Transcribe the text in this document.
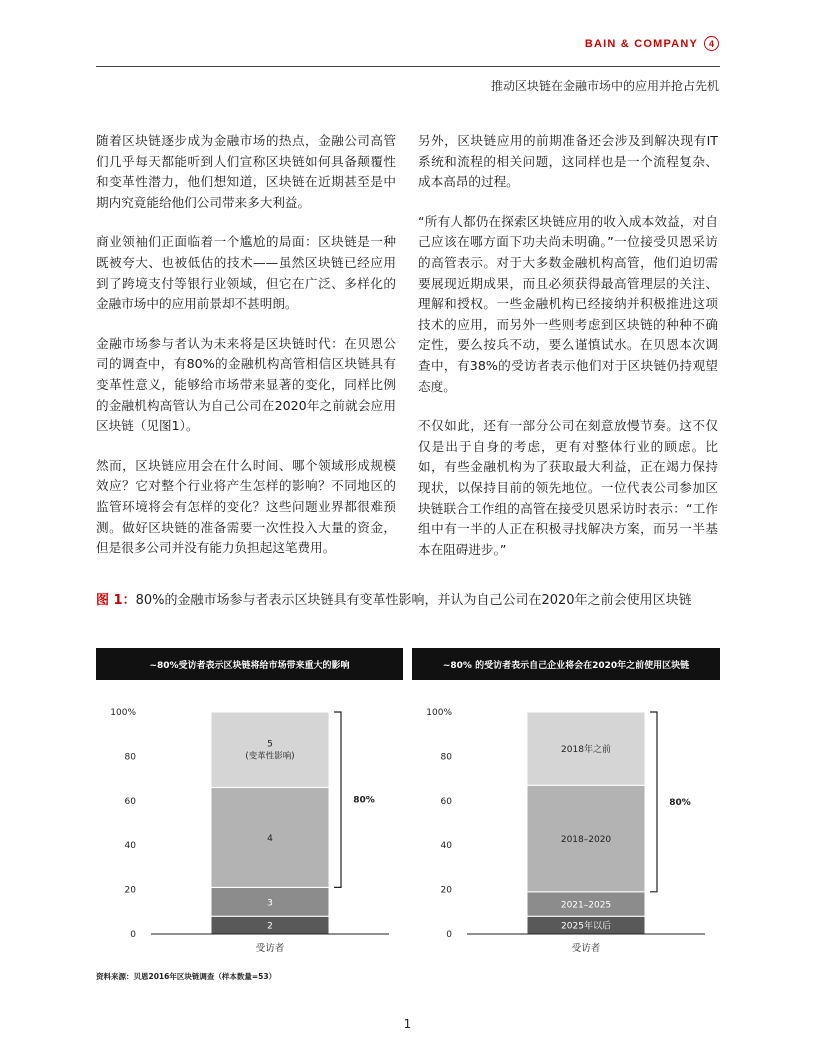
BAIN & COMPANY	4
推动区块链在金融市场中的应用并抢占先机

随着区块链逐步成为金融市场的热点，金融公司高管们几乎每天都能听到人们宣称区块链如何具备颠覆性和变革性潜力，他们想知道，区块链在近期甚至是中期内究竟能给他们公司带来多大利益。

商业领袖们正面临着一个尴尬的局面：区块链是一种既被夸大、也被低估的技术——虽然区块链已经应用到了跨境支付等银行业领域，但它在广泛、多样化的金融市场中的应用前景却不甚明朗。

金融市场参与者认为未来将是区块链时代：在贝恩公司的调查中，有80%的金融机构高管相信区块链具有变革性意义，能够给市场带来显著的变化，同样比例的金融机构高管认为自己公司在2020年之前就会应用区块链（见图1）。

然而，区块链应用会在什么时间、哪个领域形成规模效应？它对整个行业将产生怎样的影响？不同地区的监管环境将会有怎样的变化？这些问题业界都很难预测。做好区块链的准备需要一次性投入大量的资金，但是很多公司并没有能力负担起这笔费用。

另外，区块链应用的前期准备还会涉及到解决现有IT系统和流程的相关问题，这同样也是一个流程复杂、成本高昂的过程。

“所有人都仍在探索区块链应用的收入成本效益，对自己应该在哪方面下功夫尚未明确。”一位接受贝恩采访的高管表示。对于大多数金融机构高管，他们迫切需要展现近期成果，而且必须获得最高管理层的关注、理解和授权。一些金融机构已经接纳并积极推进这项技术的应用，而另外一些则考虑到区块链的种种不确定性，要么按兵不动，要么谨慎试水。在贝恩本次调查中，有38%的受访者表示他们对于区块链仍持观望态度。

不仅如此，还有一部分公司在刻意放慢节奏。这不仅仅是出于自身的考虑，更有对整体行业的顾虑。比如，有些金融机构为了获取最大利益，正在竭力保持现状，以保持目前的领先地位。一位代表公司参加区块链联合工作组的高管在接受贝恩采访时表示：“工作组中有一半的人正在积极寻找解决方案，而另一半基本在阻碍进步。”

图 1：80%的金融市场参与者表示区块链具有变革性影响，并认为自己公司在2020年之前会使用区块链
~80%受访者表示区块链将给市场带来重大的影响	~80% 的受访者表示自己企业将会在2020年之前使用区块链
0
20
40
60
80
100%
2
3
4
5
(变革性影响)
受访者
80%
0
20
40
60
80
100%
2025年以后
2021–2025
2018–2020
2018年之前
受访者
80%
资料来源：贝恩2016年区块链调查（样本数量=53）
1
